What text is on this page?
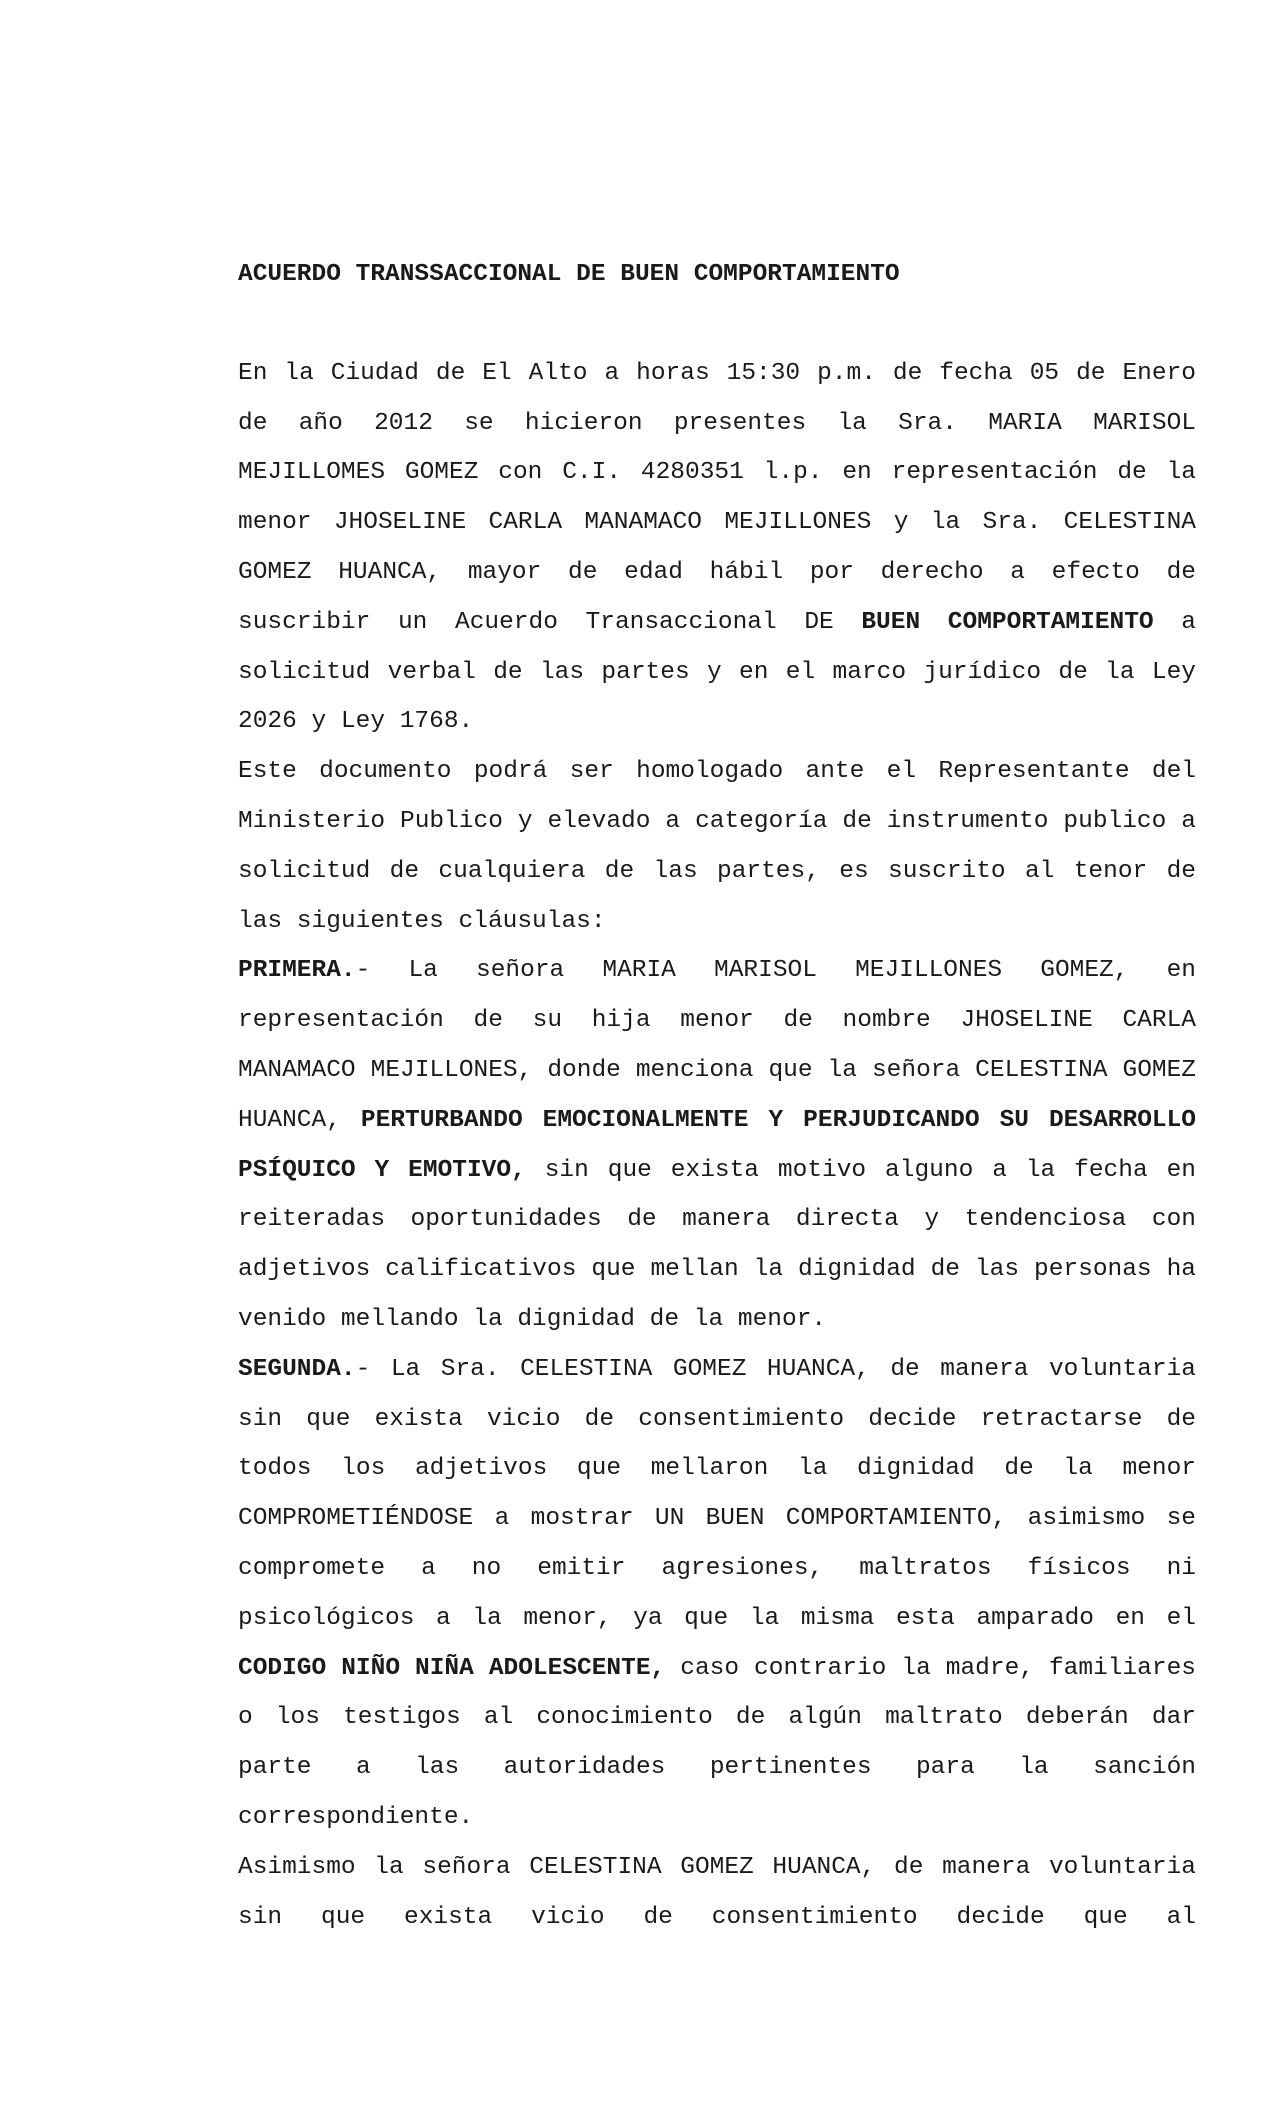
ACUERDO TRANSSACCIONAL DE BUEN COMPORTAMIENTO

En la Ciudad de El Alto a horas 15:30 p.m. de fecha 05 de Enero de año 2012 se hicieron presentes la Sra. MARIA MARISOL MEJILLOMES GOMEZ con C.I. 4280351 l.p. en representación de la menor JHOSELINE CARLA MANAMACO MEJILLONES y la Sra. CELESTINA GOMEZ HUANCA, mayor de edad hábil por derecho a efecto de suscribir un Acuerdo Transaccional DE BUEN COMPORTAMIENTO a solicitud verbal de las partes y en el marco jurídico de la Ley 2026 y Ley 1768.

Este documento podrá ser homologado ante el Representante del Ministerio Publico y elevado a categoría de instrumento publico a solicitud de cualquiera de las partes, es suscrito al tenor de las siguientes cláusulas:

PRIMERA.- La señora MARIA MARISOL MEJILLONES GOMEZ, en representación de su hija menor de nombre JHOSELINE CARLA MANAMACO MEJILLONES, donde menciona que la señora CELESTINA GOMEZ HUANCA, PERTURBANDO EMOCIONALMENTE Y PERJUDICANDO SU DESARROLLO PSÍQUICO Y EMOTIVO, sin que exista motivo alguno a la fecha en reiteradas oportunidades de manera directa y tendenciosa con adjetivos calificativos que mellan la dignidad de las personas ha venido mellando la dignidad de la menor.

SEGUNDA.- La Sra. CELESTINA GOMEZ HUANCA, de manera voluntaria sin que exista vicio de consentimiento decide retractarse de todos los adjetivos que mellaron la dignidad de la menor COMPROMETIÉNDOSE a mostrar UN BUEN COMPORTAMIENTO, asimismo se compromete a no emitir agresiones, maltratos físicos ni psicológicos a la menor, ya que la misma esta amparado en el CODIGO NIÑO NIÑA ADOLESCENTE, caso contrario la madre, familiares o los testigos al conocimiento de algún maltrato deberán dar parte a las autoridades pertinentes para la sanción correspondiente.

Asimismo la señora CELESTINA GOMEZ HUANCA, de manera voluntaria sin que exista vicio de consentimiento decide que al
